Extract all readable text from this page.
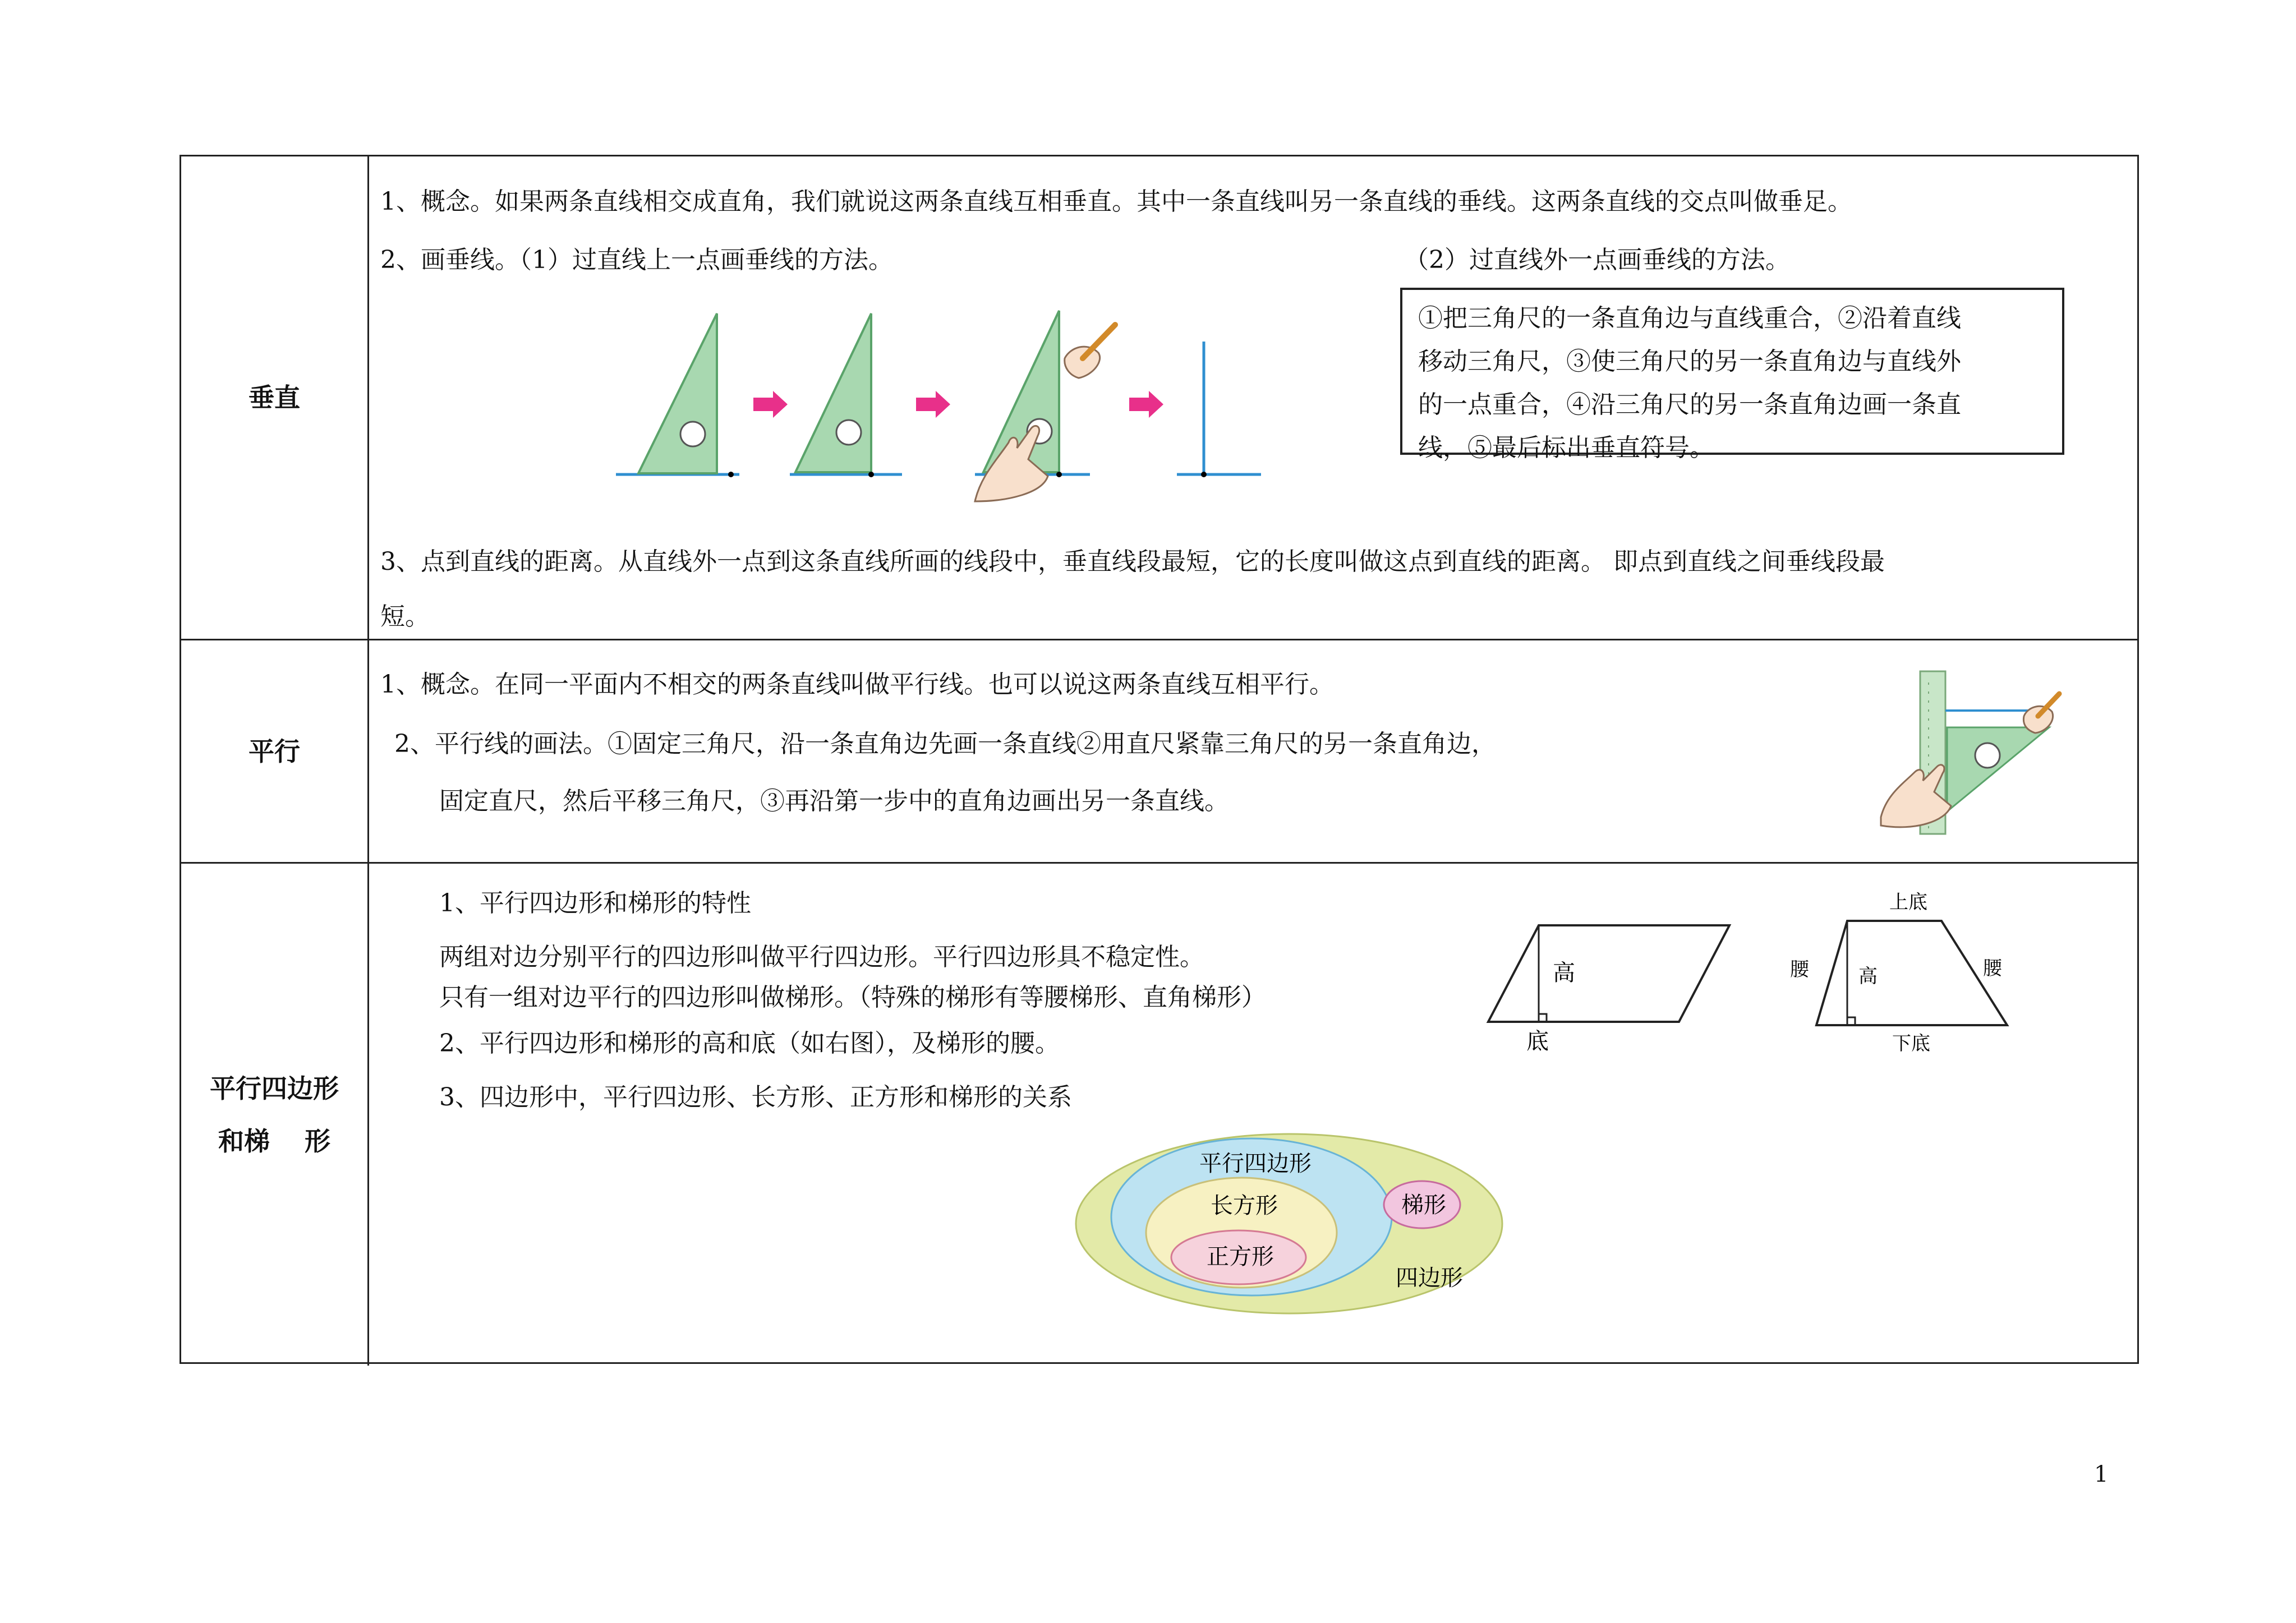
垂直
1、概念。如果两条直线相交成直角，我们就说这两条直线互相垂直。其中一条直线叫另一条直线的垂线。这两条直线的交点叫做垂足。
2、画垂线。（1）过直线上一点画垂线的方法。	（2）过直线外一点画垂线的方法。

①把三角尺的一条直角边与直线重合，②沿着直线

移动三角尺，③使三角尺的另一条直角边与直线外

的一点重合，④沿三角尺的另一条直角边画一条直

线，⑤最后标出垂直符号。

3、点到直线的距离。从直线外一点到这条直线所画的线段中，垂直线段最短，它的长度叫做这点到直线的距离。 即点到直线之间垂线段最
短。
平行
1、概念。在同一平面内不相交的两条直线叫做平行线。也可以说这两条直线互相平行。
2、平行线的画法。①固定三角尺，沿一条直角边先画一条直线②用直尺紧靠三角尺的另一条直角边，
固定直尺，然后平移三角尺，③再沿第一步中的直角边画出另一条直线。
平行四边形
和梯　 形
1、平行四边形和梯形的特性
两组对边分别平行的四边形叫做平行四边形。平行四边形具不稳定性。
只有一组对边平行的四边形叫做梯形。（特殊的梯形有等腰梯形、直角梯形）
2、平行四边形和梯形的高和底（如右图），及梯形的腰。
3、四边形中，平行四边形、长方形、正方形和梯形的关系
高
底
上底
腰	高	腰
下底
平行四边形
长方形
正方形
梯形
四边形
1
